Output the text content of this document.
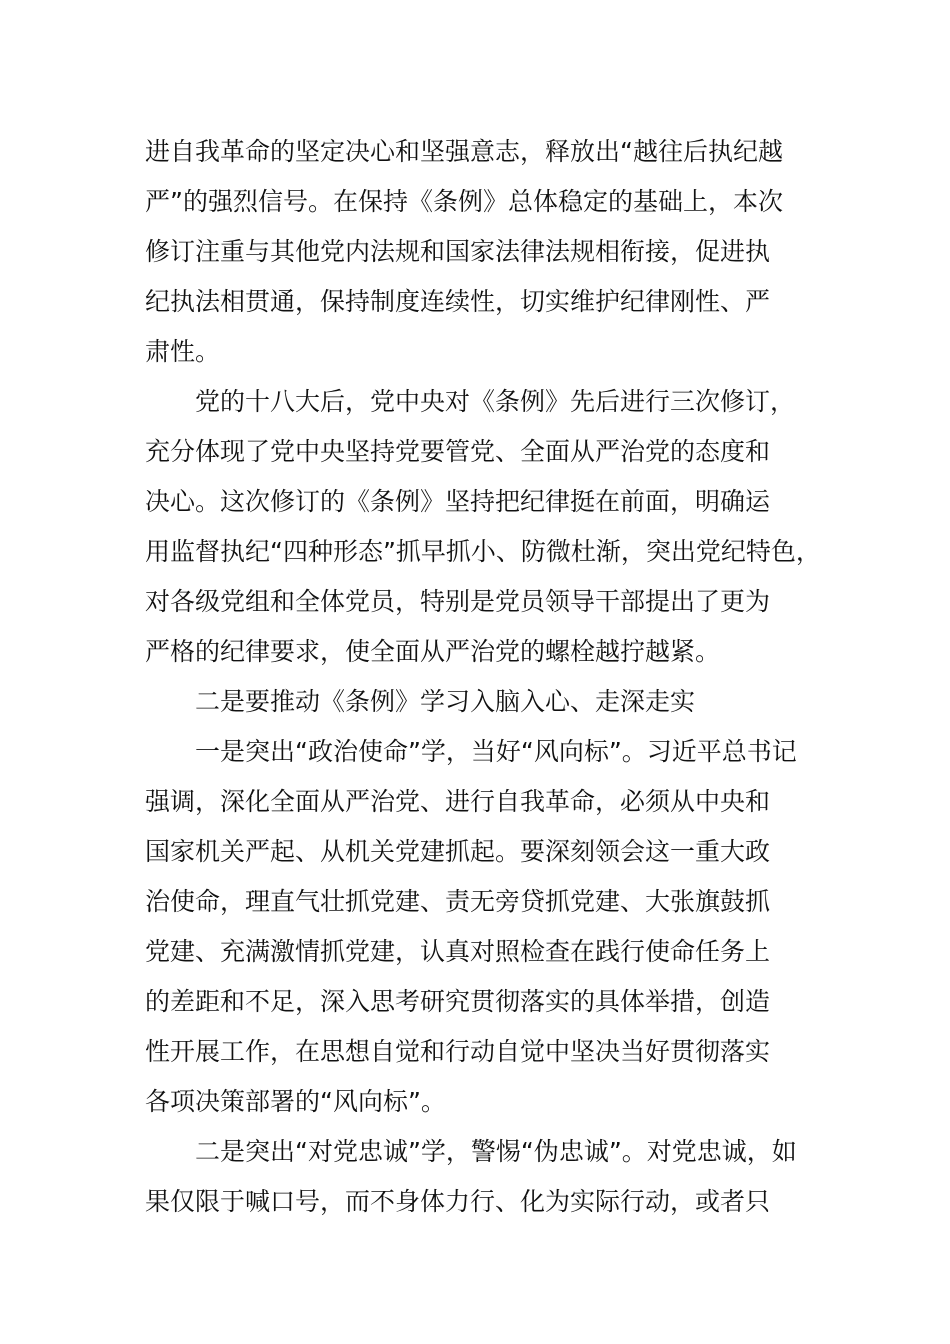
进自我革命的坚定决心和坚强意志，释放出“越往后执纪越
严”的强烈信号。在保持《条例》总体稳定的基础上，本次
修订注重与其他党内法规和国家法律法规相衔接，促进执
纪执法相贯通，保持制度连续性，切实维护纪律刚性、严
肃性。
党的十八大后，党中央对《条例》先后进行三次修订，
充分体现了党中央坚持党要管党、全面从严治党的态度和
决心。这次修订的《条例》坚持把纪律挺在前面，明确运
用监督执纪“四种形态”抓早抓小、防微杜渐，突出党纪特色，
对各级党组和全体党员，特别是党员领导干部提出了更为
严格的纪律要求，使全面从严治党的螺栓越拧越紧。
二是要推动《条例》学习入脑入心、走深走实
一是突出“政治使命”学，当好“风向标”。习近平总书记
强调，深化全面从严治党、进行自我革命，必须从中央和
国家机关严起、从机关党建抓起。要深刻领会这一重大政
治使命，理直气壮抓党建、责无旁贷抓党建、大张旗鼓抓
党建、充满激情抓党建，认真对照检查在践行使命任务上
的差距和不足，深入思考研究贯彻落实的具体举措，创造
性开展工作，在思想自觉和行动自觉中坚决当好贯彻落实
各项决策部署的“风向标”。
二是突出“对党忠诚”学，警惕“伪忠诚”。对党忠诚，如
果仅限于喊口号，而不身体力行、化为实际行动，或者只
